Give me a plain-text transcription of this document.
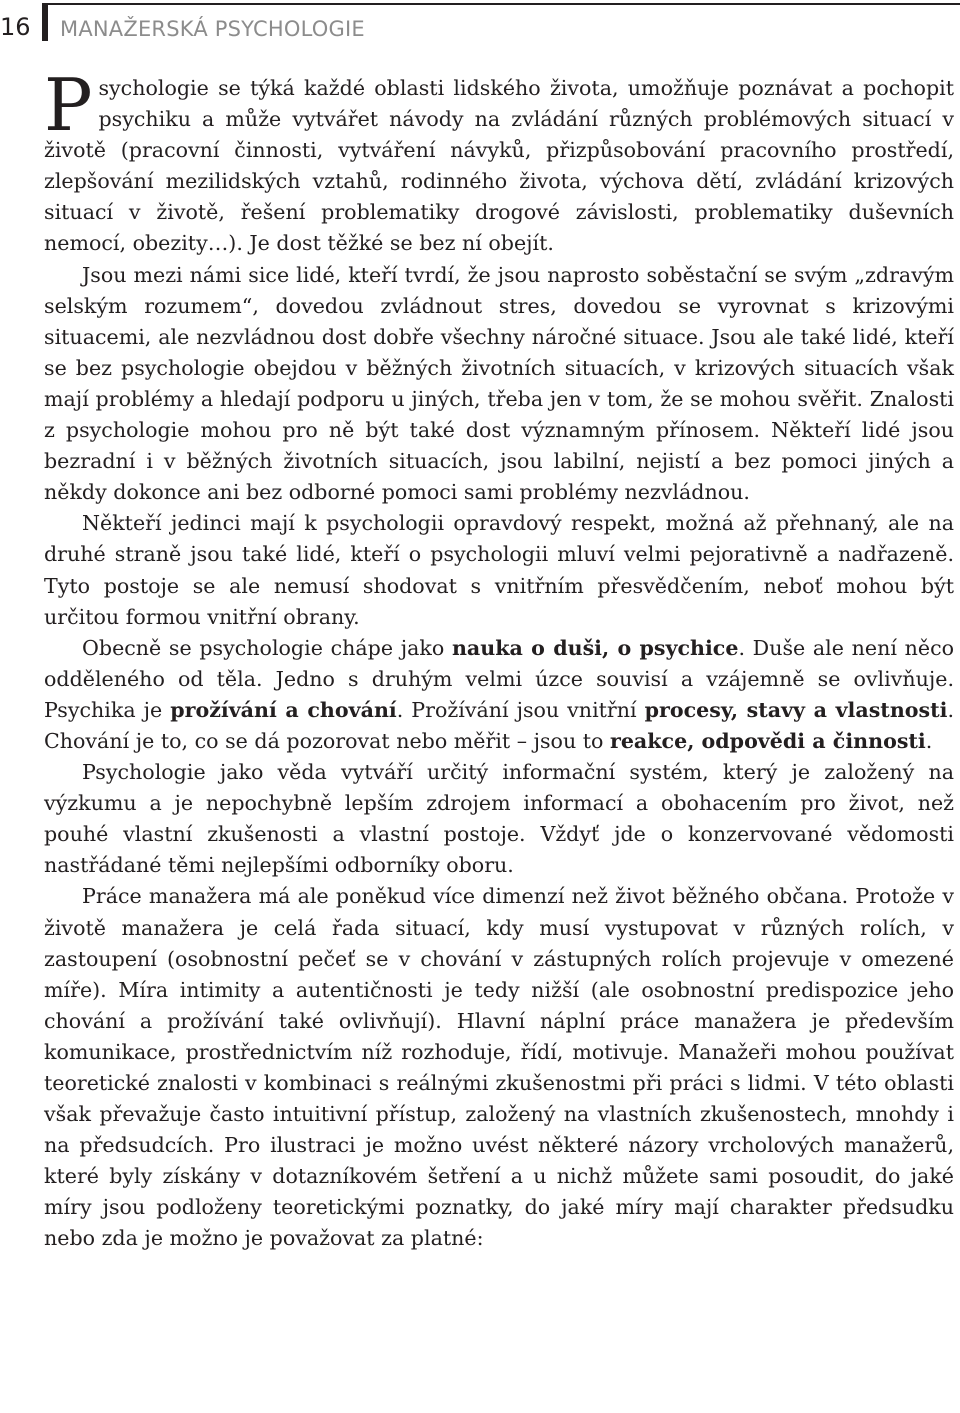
16 MANAŽERSKÁ PSYCHOLOGIE

Psychologie se týká každé oblasti lidského života, umožňuje poznávat a pochopit psychiku a může vytvářet návody na zvládání různých problémových situací v životě (pracovní činnosti, vytváření návyků, přizpůsobování pracovního prostředí, zlepšování mezilidských vztahů, rodinného života, výchova dětí, zvládání krizových situací v životě, řešení problematiky drogové závislosti, problematiky duševních nemocí, obezity…). Je dost těžké se bez ní obejít.

Jsou mezi námi sice lidé, kteří tvrdí, že jsou naprosto soběstační se svým „zdravým selským rozumem“, dovedou zvládnout stres, dovedou se vyrovnat s krizovými situacemi, ale nezvládnou dost dobře všechny náročné situace. Jsou ale také lidé, kteří se bez psychologie obejdou v běžných životních situacích, v krizových situacích však mají problémy a hledají podporu u jiných, třeba jen v tom, že se mohou svěřit. Znalosti z psychologie mohou pro ně být také dost významným přínosem. Někteří lidé jsou bezradní i v běžných životních situacích, jsou labilní, nejistí a bez pomoci jiných a někdy dokonce ani bez odborné pomoci sami problémy nezvládnou.

Někteří jedinci mají k psychologii opravdový respekt, možná až přehnaný, ale na druhé straně jsou také lidé, kteří o psychologii mluví velmi pejorativně a nadřazeně. Tyto postoje se ale nemusí shodovat s vnitřním přesvědčením, neboť mohou být určitou formou vnitřní obrany.

Obecně se psychologie chápe jako nauka o duši, o psychice. Duše ale není něco odděleného od těla. Jedno s druhým velmi úzce souvisí a vzájemně se ovlivňuje. Psychika je prožívání a chování. Prožívání jsou vnitřní procesy, stavy a vlastnosti. Chování je to, co se dá pozorovat nebo měřit – jsou to reakce, odpovědi a činnosti.

Psychologie jako věda vytváří určitý informační systém, který je založený na výzkumu a je nepochybně lepším zdrojem informací a obohacením pro život, než pouhé vlastní zkušenosti a vlastní postoje. Vždyť jde o konzervované vědomosti nastřádané těmi nejlepšími odborníky oboru.

Práce manažera má ale poněkud více dimenzí než život běžného občana. Protože v životě manažera je celá řada situací, kdy musí vystupovat v různých rolích, v zastoupení (osobnostní pečeť se v chování v zástupných rolích projevuje v omezené míře). Míra intimity a autentičnosti je tedy nižší (ale osobnostní predispozice jeho chování a prožívání také ovlivňují). Hlavní náplní práce manažera je především komunikace, prostřednictvím níž rozhoduje, řídí, motivuje. Manažeři mohou používat teoretické znalosti v kombinaci s reálnými zkušenostmi při práci s lidmi. V této oblasti však převažuje často intuitivní přístup, založený na vlastních zkušenostech, mnohdy i na předsudcích. Pro ilustraci je možno uvést některé názory vrcholových manažerů, které byly získány v dotazníkovém šetření a u nichž můžete sami posoudit, do jaké míry jsou podloženy teoretickými poznatky, do jaké míry mají charakter předsudku nebo zda je možno je považovat za platné:
